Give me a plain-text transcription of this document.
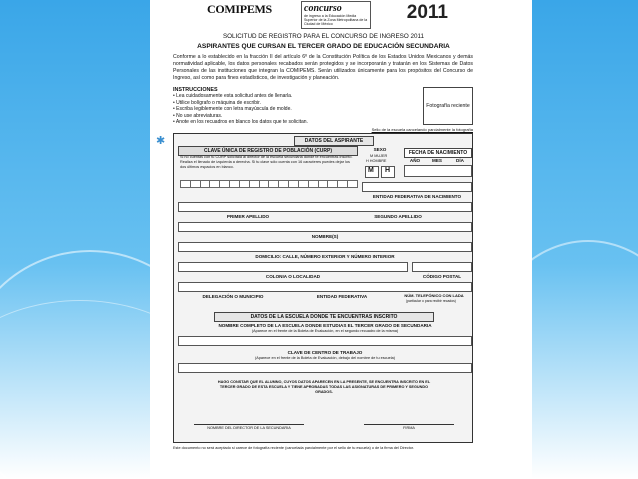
✱
COMIPEMS	concurso
de ingreso a la Educación Media Superior de la Zona Metropolitana de la Ciudad de México
2011
SOLICITUD DE REGISTRO PARA EL CONCURSO DE INGRESO 2011
ASPIRANTES QUE CURSAN EL TERCER GRADO DE EDUCACIÓN SECUNDARIA
Conforme a lo establecido en la fracción II del artículo 6º de la Constitución Política de los Estados Unidos Mexicanos y demás normatividad aplicable, los datos personales recabados serán protegidos y se incorporarán y tratarán en los Sistemas de Datos Personales de las instituciones que integran la COMIPEMS. Serán utilizados únicamente para los propósitos del Concurso de Ingreso, así como para fines estadísticos, de investigación y planeación.
INSTRUCCIONES
• Lea cuidadosamente esta solicitud antes de llenarla.
• Utilice bolígrafo o máquina de escribir.
• Escriba legiblemente con letra mayúscula de molde.
• No use abreviaturas.
• Anote en los recuadros en blanco los datos que te solicitan.
Fotografía reciente
Sello de la escuela cancelando parcialmente la fotografía
DATOS DEL ASPIRANTE
CLAVE ÚNICA DE REGISTRO DE POBLACIÓN (CURP)
Si no cuentas con tu CURP solicítala al director de la escuela secundaria donde te encuentras inscrito. Realiza el llenado de izquierda a derecha. Si tu clave sólo cuenta con 16 caracteres puedes dejar los dos últimos espacios en blanco.
SEXO
M MUJER
H HOMBRE
M H
FECHA DE NACIMIENTO
AÑO	MES	DÍA
ENTIDAD FEDERATIVA DE NACIMIENTO
PRIMER APELLIDO	SEGUNDO APELLIDO
NOMBRE(S)
DOMICILIO: CALLE, NÚMERO EXTERIOR Y NÚMERO INTERIOR
COLONIA O LOCALIDAD	CÓDIGO POSTAL
DELEGACIÓN O MUNICIPIO	ENTIDAD FEDERATIVA	NÚM. TELEFÓNICO CON LADA
(particular o para recibir recados)
DATOS DE LA ESCUELA DONDE TE ENCUENTRAS INSCRITO
NOMBRE COMPLETO DE LA ESCUELA DONDE ESTUDIAS EL TERCER GRADO DE SECUNDARIA
(Aparece en el frente de la Boleta de Evaluación, en el segundo recuadro de la misma)
CLAVE DE CENTRO DE TRABAJO
(Aparece en el frente de la Boleta de Evaluación, debajo del nombre de tu escuela)
HAGO CONSTAR QUE EL ALUMNO, CUYOS DATOS APARECEN EN LA PRESENTE, SE ENCUENTRA INSCRITO EN EL TERCER GRADO DE ESTA ESCUELA Y TIENE APROBADAS TODAS LAS ASIGNATURAS DE PRIMERO Y SEGUNDO GRADOS.
NOMBRE DEL DIRECTOR DE LA SECUNDARIA	FIRMA
Este documento no será aceptado si carece de fotografía reciente (cancelada parcialmente por el sello de tu escuela) o de la firma del Director.
